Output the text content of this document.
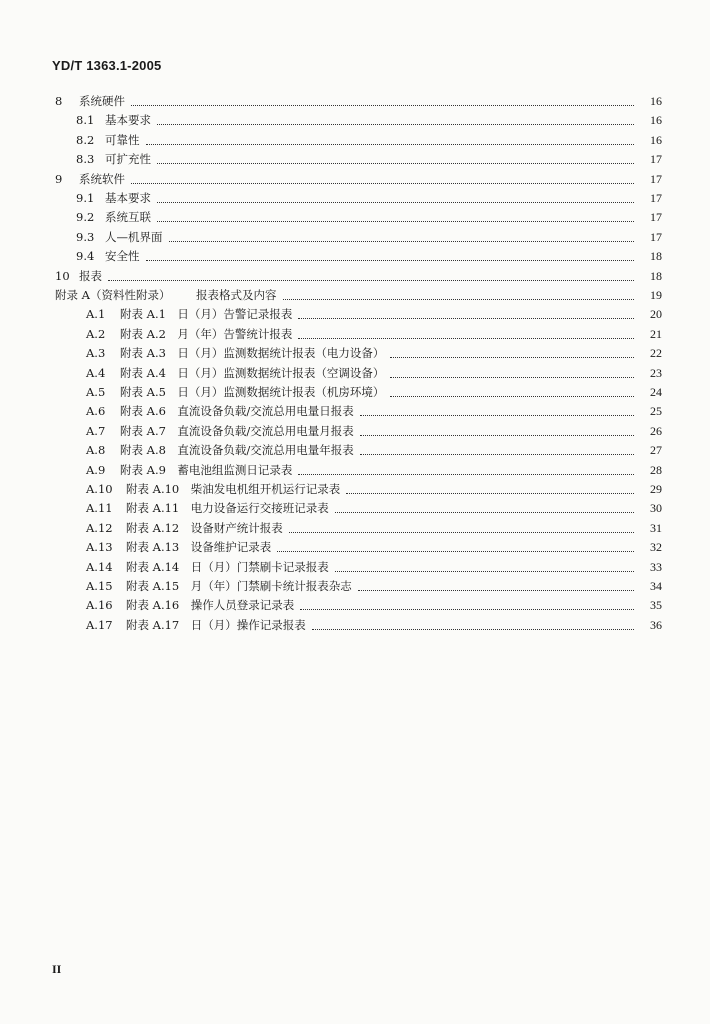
YD/T 1363.1-2005
8	系统硬件	16
8.1 基本要求	16
8.2 可靠性	16
8.3 可扩充性	17
9	系统软件	17
9.1 基本要求	17
9.2 系统互联	17
9.3 人—机界面	17
9.4 安全性	18
10 报表	18
附录 A（资料性附录）	报表格式及内容	19
A.1	附表 A.1　日（月）告警记录报表	20
A.2	附表 A.2　月（年）告警统计报表	21
A.3	附表 A.3　日（月）监测数据统计报表（电力设备）	22
A.4	附表 A.4　日（月）监测数据统计报表（空调设备）	23
A.5	附表 A.5　日（月）监测数据统计报表（机房环境）	24
A.6	附表 A.6　直流设备负载/交流总用电量日报表	25
A.7	附表 A.7　直流设备负载/交流总用电量月报表	26
A.8	附表 A.8　直流设备负载/交流总用电量年报表	27
A.9	附表 A.9　蓄电池组监测日记录表	28
A.10	附表 A.10　柴油发电机组开机运行记录表	29
A.11	附表 A.11　电力设备运行交接班记录表	30
A.12	附表 A.12　设备财产统计报表	31
A.13	附表 A.13　设备维护记录表	32
A.14	附表 A.14　日（月）门禁刷卡记录报表	33
A.15	附表 A.15　月（年）门禁刷卡统计报表杂志	34
A.16	附表 A.16　操作人员登录记录表	35
A.17	附表 A.17　日（月）操作记录报表	36
II
